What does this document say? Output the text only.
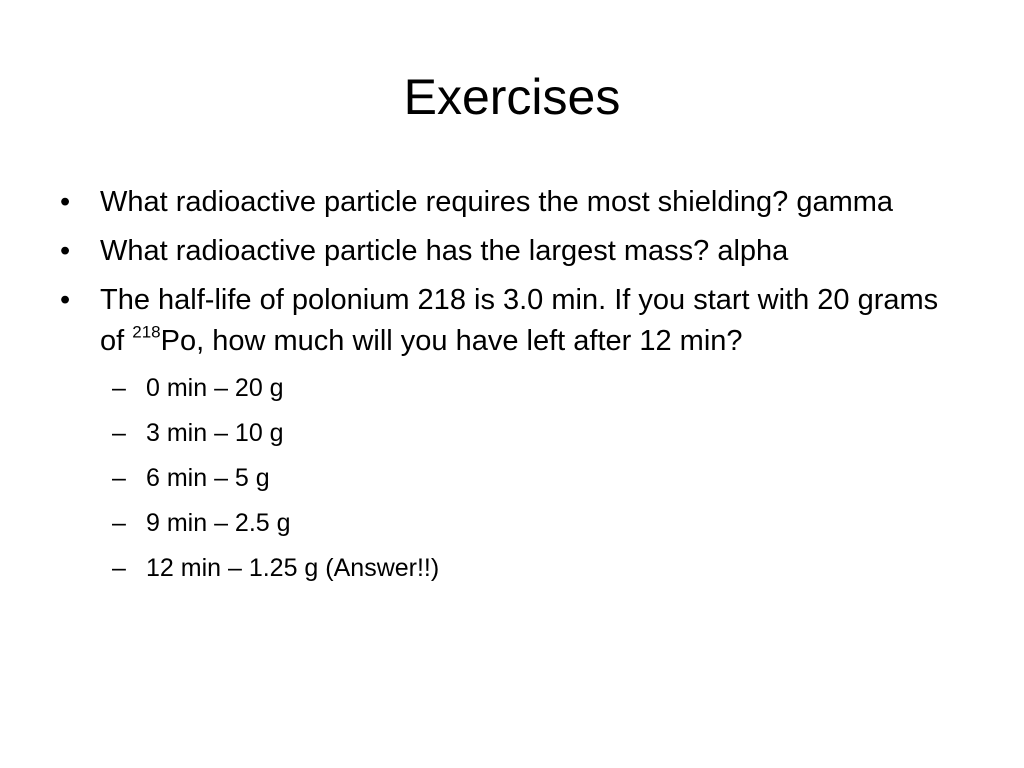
Exercises
• What radioactive particle requires the most shielding? gamma
• What radioactive particle has the largest mass? alpha
• The half-life of polonium 218 is 3.0 min. If you start with 20 grams of $^{218}$Po, how much will you have left after 12 min?
– 0 min – 20 g
– 3 min – 10 g
– 6 min – 5 g
– 9 min – 2.5 g
– 12 min – 1.25 g (Answer!!)
